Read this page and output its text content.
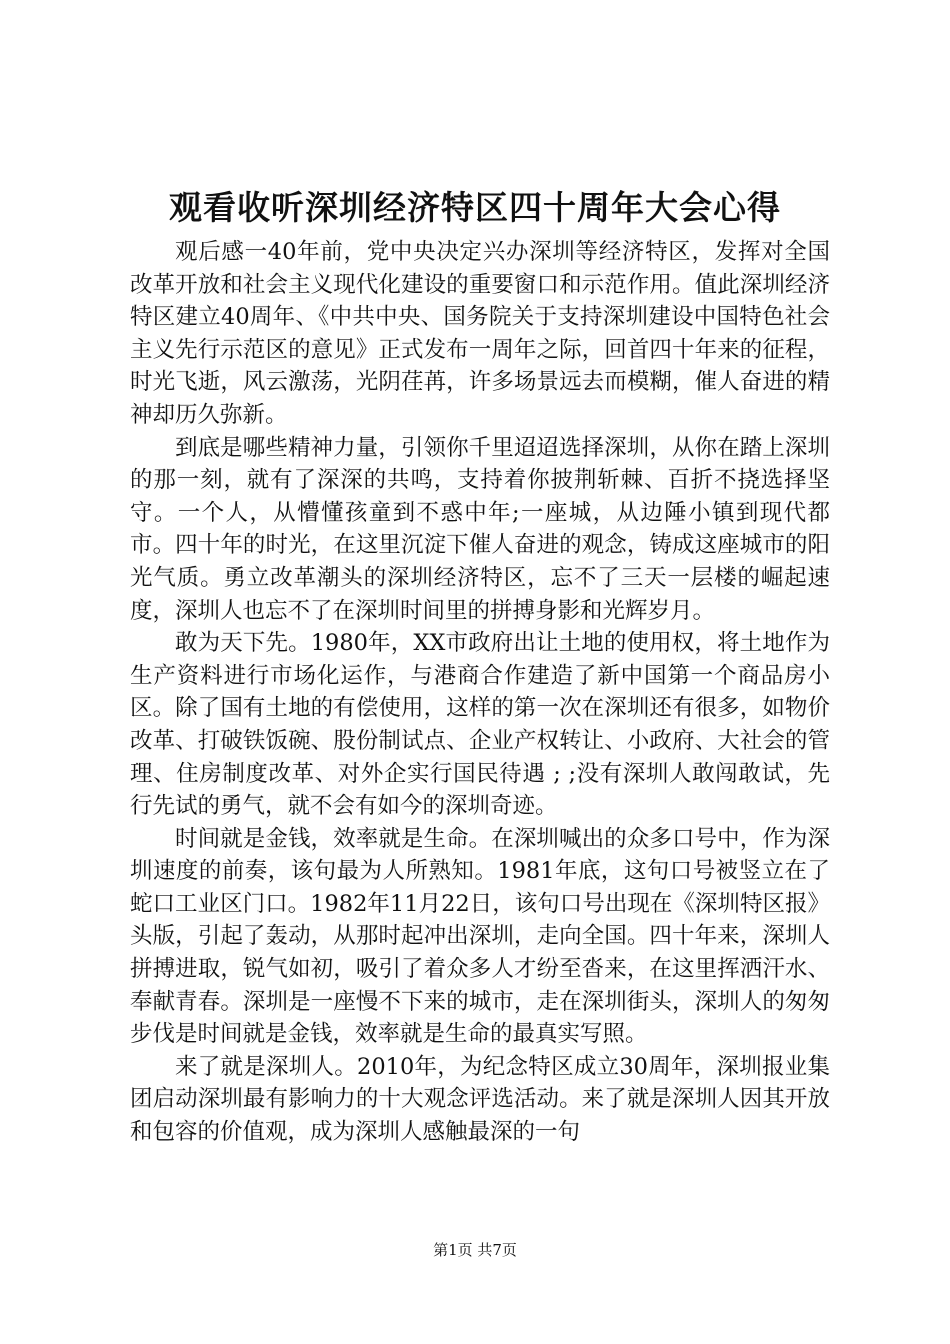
观看收听深圳经济特区四十周年大会心得

观后感一40年前，党中央决定兴办深圳等经济特区，发挥对全国改革开放和社会主义现代化建设的重要窗口和示范作用。值此深圳经济特区建立40周年、《中共中央、国务院关于支持深圳建设中国特色社会主义先行示范区的意见》正式发布一周年之际，回首四十年来的征程，时光飞逝，风云激荡，光阴荏苒，许多场景远去而模糊，催人奋进的精神却历久弥新。

到底是哪些精神力量，引领你千里迢迢选择深圳，从你在踏上深圳的那一刻，就有了深深的共鸣，支持着你披荆斩棘、百折不挠选择坚守。一个人，从懵懂孩童到不惑中年;一座城，从边陲小镇到现代都市。四十年的时光，在这里沉淀下催人奋进的观念，铸成这座城市的阳光气质。勇立改革潮头的深圳经济特区，忘不了三天一层楼的崛起速度，深圳人也忘不了在深圳时间里的拼搏身影和光辉岁月。

敢为天下先。1980年，XX市政府出让土地的使用权，将土地作为生产资料进行市场化运作，与港商合作建造了新中国第一个商品房小区。除了国有土地的有偿使用，这样的第一次在深圳还有很多，如物价改革、打破铁饭碗、股份制试点、企业产权转让、小政府、大社会的管理、住房制度改革、对外企实行国民待遇 ; ;没有深圳人敢闯敢试，先行先试的勇气，就不会有如今的深圳奇迹。

时间就是金钱，效率就是生命。在深圳喊出的众多口号中，作为深圳速度的前奏，该句最为人所熟知。1981年底，这句口号被竖立在了蛇口工业区门口。1982年11月22日，该句口号出现在《深圳特区报》头版，引起了轰动，从那时起冲出深圳，走向全国。四十年来，深圳人拼搏进取，锐气如初，吸引了着众多人才纷至沓来，在这里挥洒汗水、奉献青春。深圳是一座慢不下来的城市，走在深圳街头，深圳人的匆匆步伐是时间就是金钱，效率就是生命的最真实写照。

来了就是深圳人。2010年，为纪念特区成立30周年，深圳报业集团启动深圳最有影响力的十大观念评选活动。来了就是深圳人因其开放和包容的价值观，成为深圳人感触最深的一句

第1页 共7页
